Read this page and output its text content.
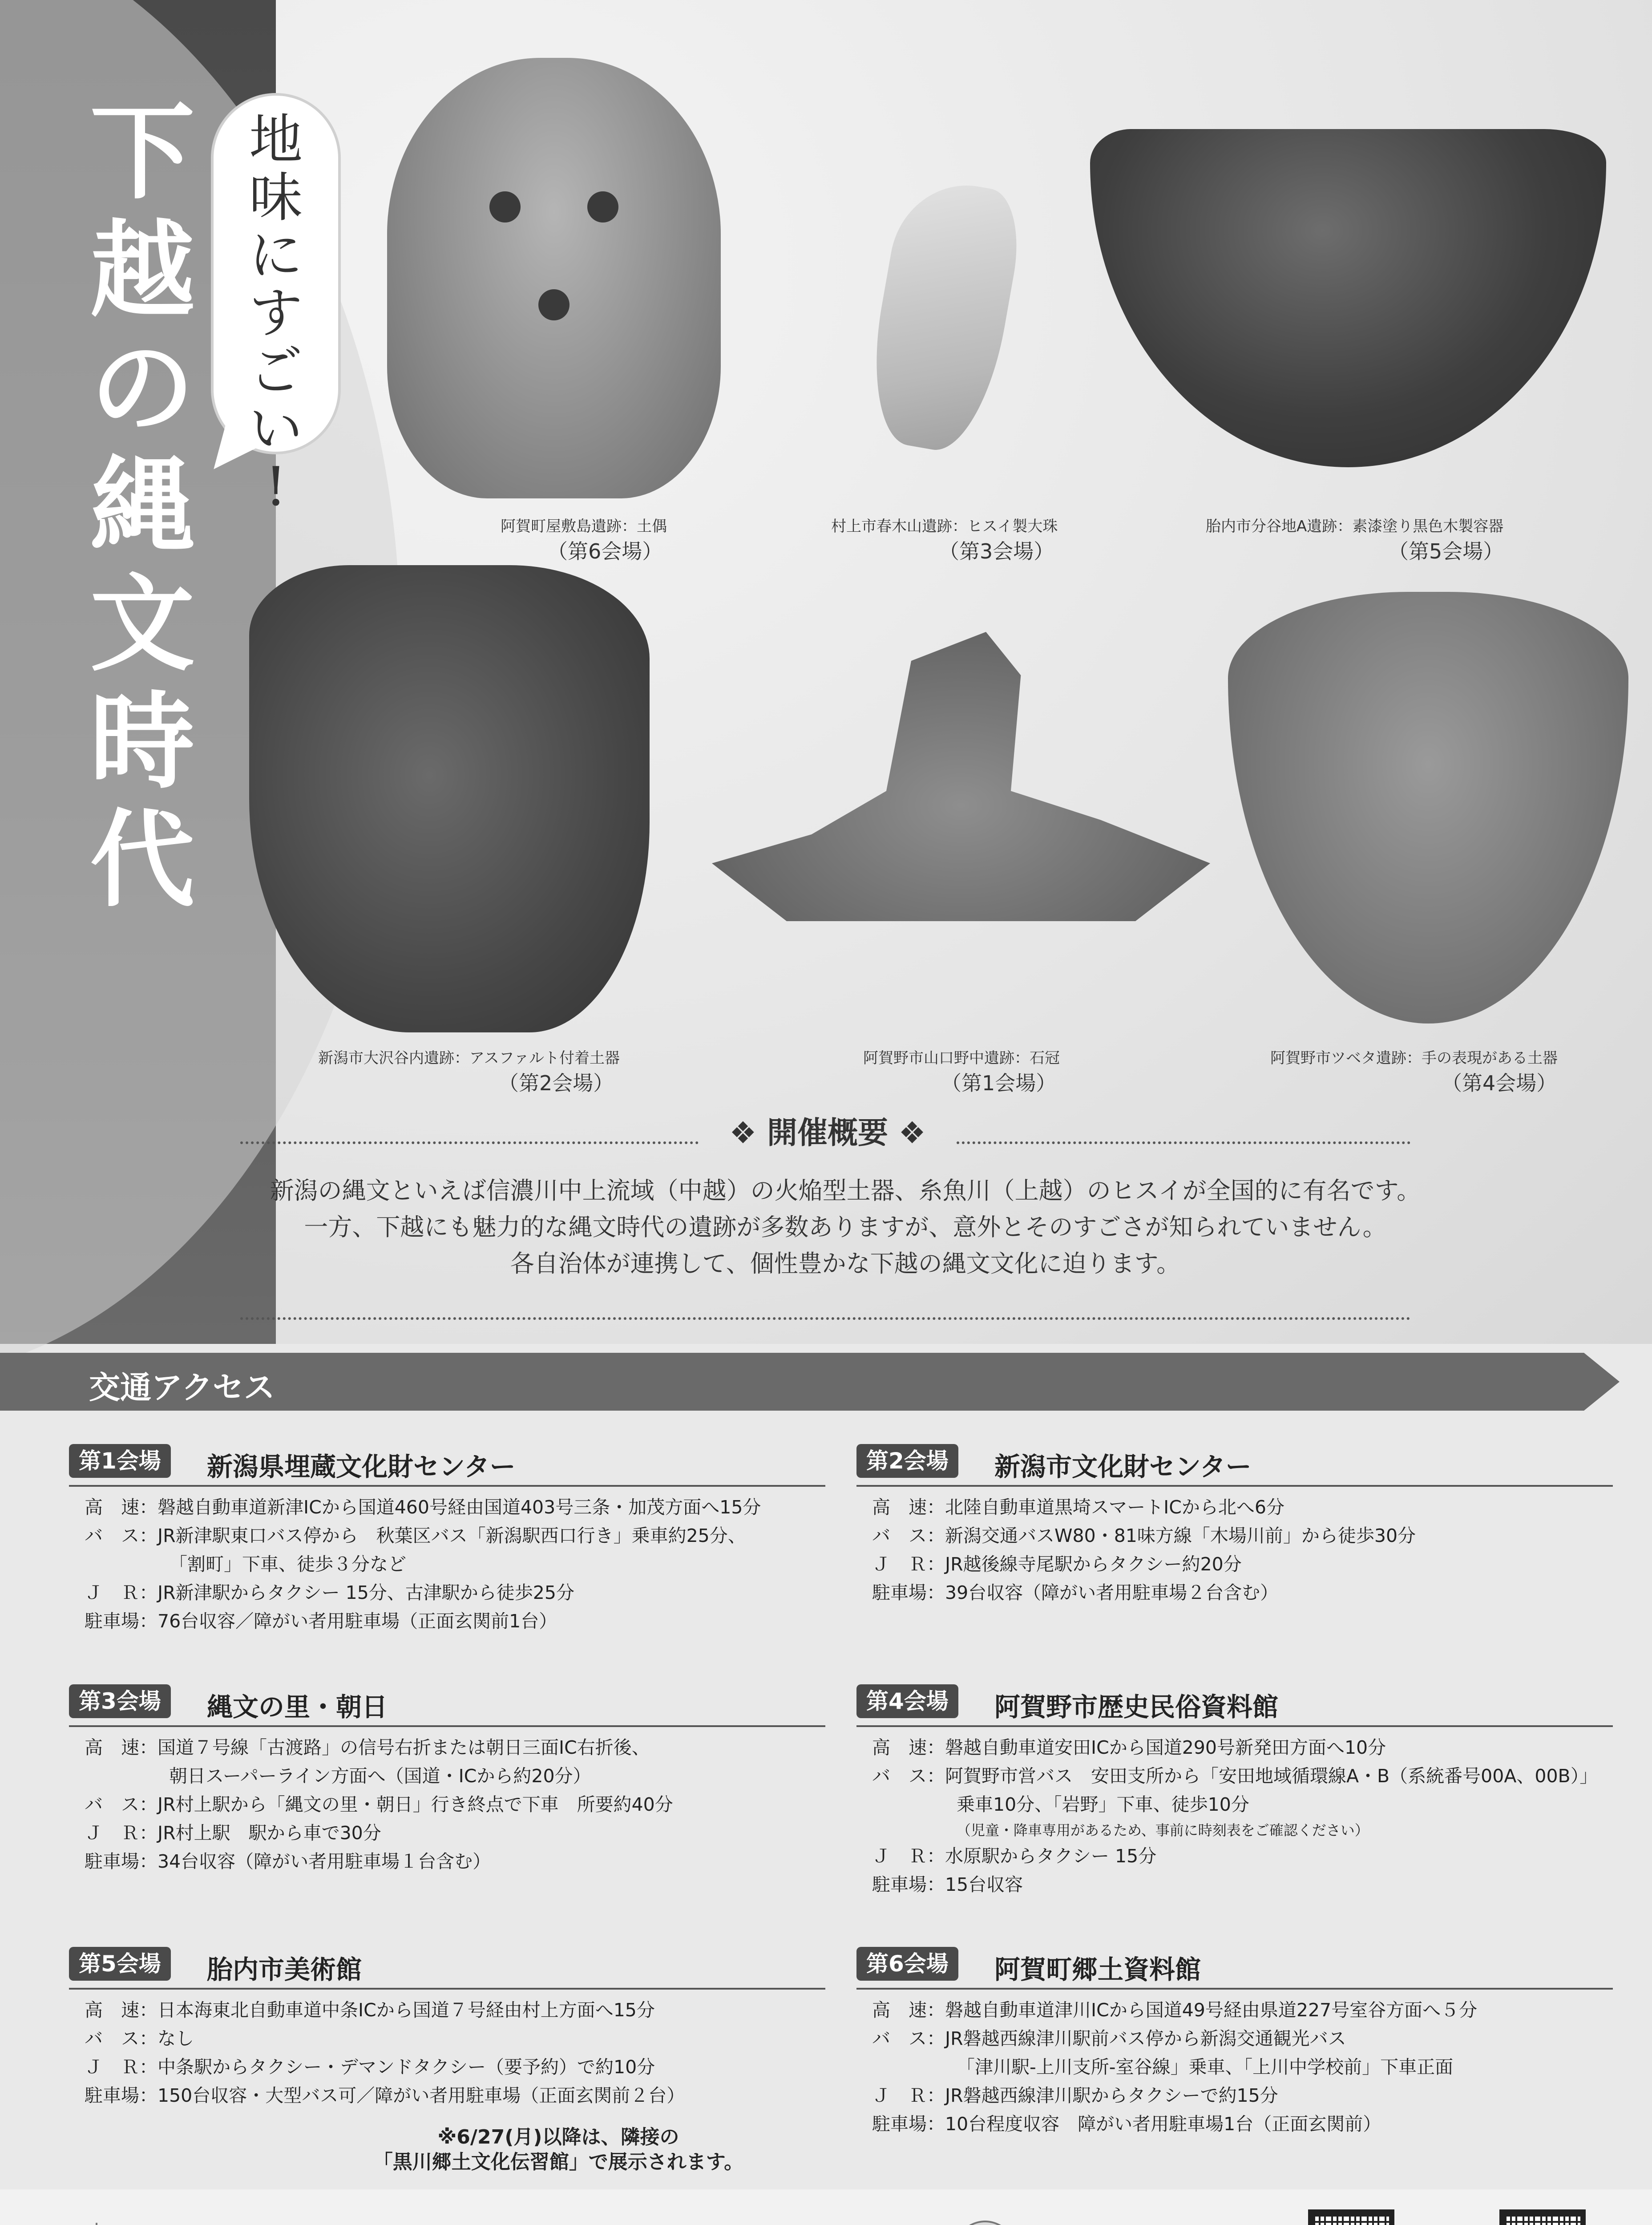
下
越
の
縄
文
時
代
地
味
に
す
ご
い
!
阿賀町屋敷島遺跡：土偶
（第6会場）
村上市春木山遺跡：ヒスイ製大珠
（第3会場）
胎内市分谷地A遺跡：素漆塗り黒色木製容器
（第5会場）
新潟市大沢谷内遺跡：アスファルト付着土器
（第2会場）
阿賀野市山口野中遺跡：石冠
（第1会場）
阿賀野市ツベタ遺跡：手の表現がある土器
（第4会場）
❖ 開催概要 ❖
新潟の縄文といえば信濃川中上流域（中越）の火焔型土器、糸魚川（上越）のヒスイが全国的に有名です。
一方、下越にも魅力的な縄文時代の遺跡が多数ありますが、意外とそのすごさが知られていません。
各自治体が連携して、個性豊かな下越の縄文文化に迫ります。
交通アクセス
第1会場	新潟県埋蔵文化財センター
高　速：磐越自動車道新津ICから国道460号経由国道403号三条・加茂方面へ15分
バ　ス：JR新津駅東口バス停から　秋葉区バス「新潟駅西口行き」乗車約25分、
「割町」下車、徒歩３分など
Ｊ　Ｒ：JR新津駅からタクシー 15分、古津駅から徒歩25分
駐車場：76台収容／障がい者用駐車場（正面玄関前1台）
第2会場	新潟市文化財センター
高　速：北陸自動車道黒埼スマートICから北へ6分
バ　ス：新潟交通バスW80・81味方線「木場川前」から徒歩30分
Ｊ　Ｒ：JR越後線寺尾駅からタクシー約20分
駐車場：39台収容（障がい者用駐車場２台含む）
第3会場	縄文の里・朝日
高　速：国道７号線「古渡路」の信号右折または朝日三面IC右折後、
朝日スーパーライン方面へ（国道・ICから約20分）
バ　ス：JR村上駅から「縄文の里・朝日」行き終点で下車　所要約40分
Ｊ　Ｒ：JR村上駅　駅から車で30分
駐車場：34台収容（障がい者用駐車場１台含む）
第4会場	阿賀野市歴史民俗資料館
高　速：磐越自動車道安田ICから国道290号新発田方面へ10分
バ　ス：阿賀野市営バス　安田支所から「安田地域循環線A・B（系統番号00A、00B）」
乗車10分、「岩野」下車、徒歩10分
（児童・降車専用があるため、事前に時刻表をご確認ください）
Ｊ　Ｒ：水原駅からタクシー 15分
駐車場：15台収容
第5会場	胎内市美術館
高　速：日本海東北自動車道中条ICから国道７号経由村上方面へ15分
バ　ス：なし
Ｊ　Ｒ：中条駅からタクシー・デマンドタクシー（要予約）で約10分
駐車場：150台収容・大型バス可／障がい者用駐車場（正面玄関前２台）
※6/27(月)以降は、隣接の
「黒川郷土文化伝習館」で展示されます。
第6会場	阿賀町郷土資料館
高　速：磐越自動車道津川ICから国道49号経由県道227号室谷方面へ５分
バ　ス：JR磐越西線津川駅前バス停から新潟交通観光バス
「津川駅-上川支所-室谷線」乗車、「上川中学校前」下車正面
Ｊ　Ｒ：JR磐越西線津川駅からタクシーで約15分
駐車場：10台程度収容　障がい者用駐車場1台（正面玄関前）
